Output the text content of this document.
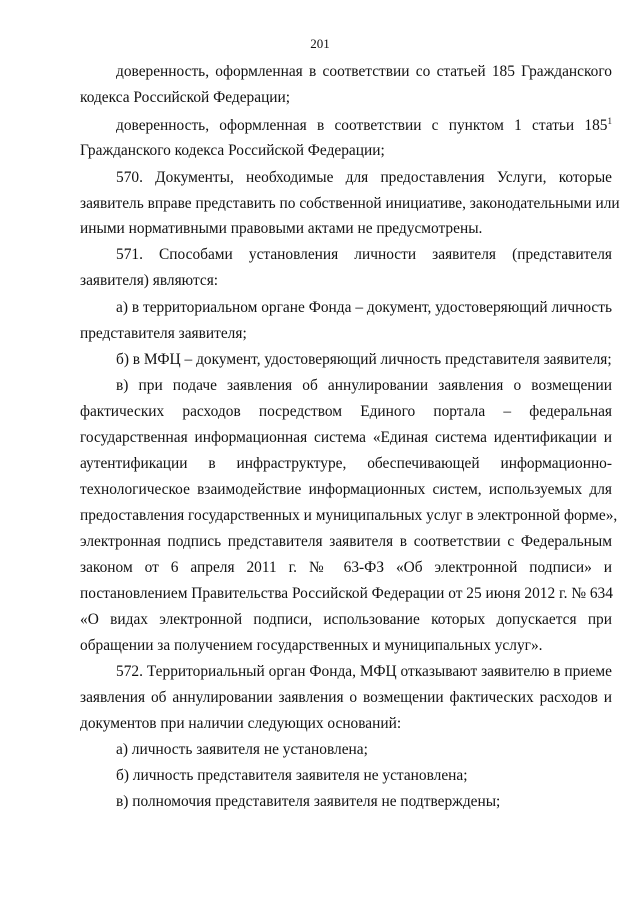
201
доверенность, оформленная в соответствии со статьей 185 Гражданского
кодекса Российской Федерации;
доверенность, оформленная в соответствии с пунктом 1 статьи $185^1$
Гражданского кодекса Российской Федерации;
570. Документы, необходимые для предоставления Услуги, которые
заявитель вправе представить по собственной инициативе, законодательными или
иными нормативными правовыми актами не предусмотрены.
571. Способами установления личности заявителя (представителя
заявителя) являются:
а) в территориальном органе Фонда – документ, удостоверяющий личность
представителя заявителя;
б) в МФЦ – документ, удостоверяющий личность представителя заявителя;
в) при подаче заявления об аннулировании заявления о возмещении
фактических расходов посредством Единого портала – федеральная
государственная информационная система «Единая система идентификации и
аутентификации в инфраструктуре, обеспечивающей информационно-
технологическое взаимодействие информационных систем, используемых для
предоставления государственных и муниципальных услуг в электронной форме»,
электронная подпись представителя заявителя в соответствии с Федеральным
законом от 6 апреля 2011 г. № 63-ФЗ «Об электронной подписи» и
постановлением Правительства Российской Федерации от 25 июня 2012 г. № 634
«О видах электронной подписи, использование которых допускается при
обращении за получением государственных и муниципальных услуг».
572. Территориальный орган Фонда, МФЦ отказывают заявителю в приеме
заявления об аннулировании заявления о возмещении фактических расходов и
документов при наличии следующих оснований:
а) личность заявителя не установлена;
б) личность представителя заявителя не установлена;
в) полномочия представителя заявителя не подтверждены;
